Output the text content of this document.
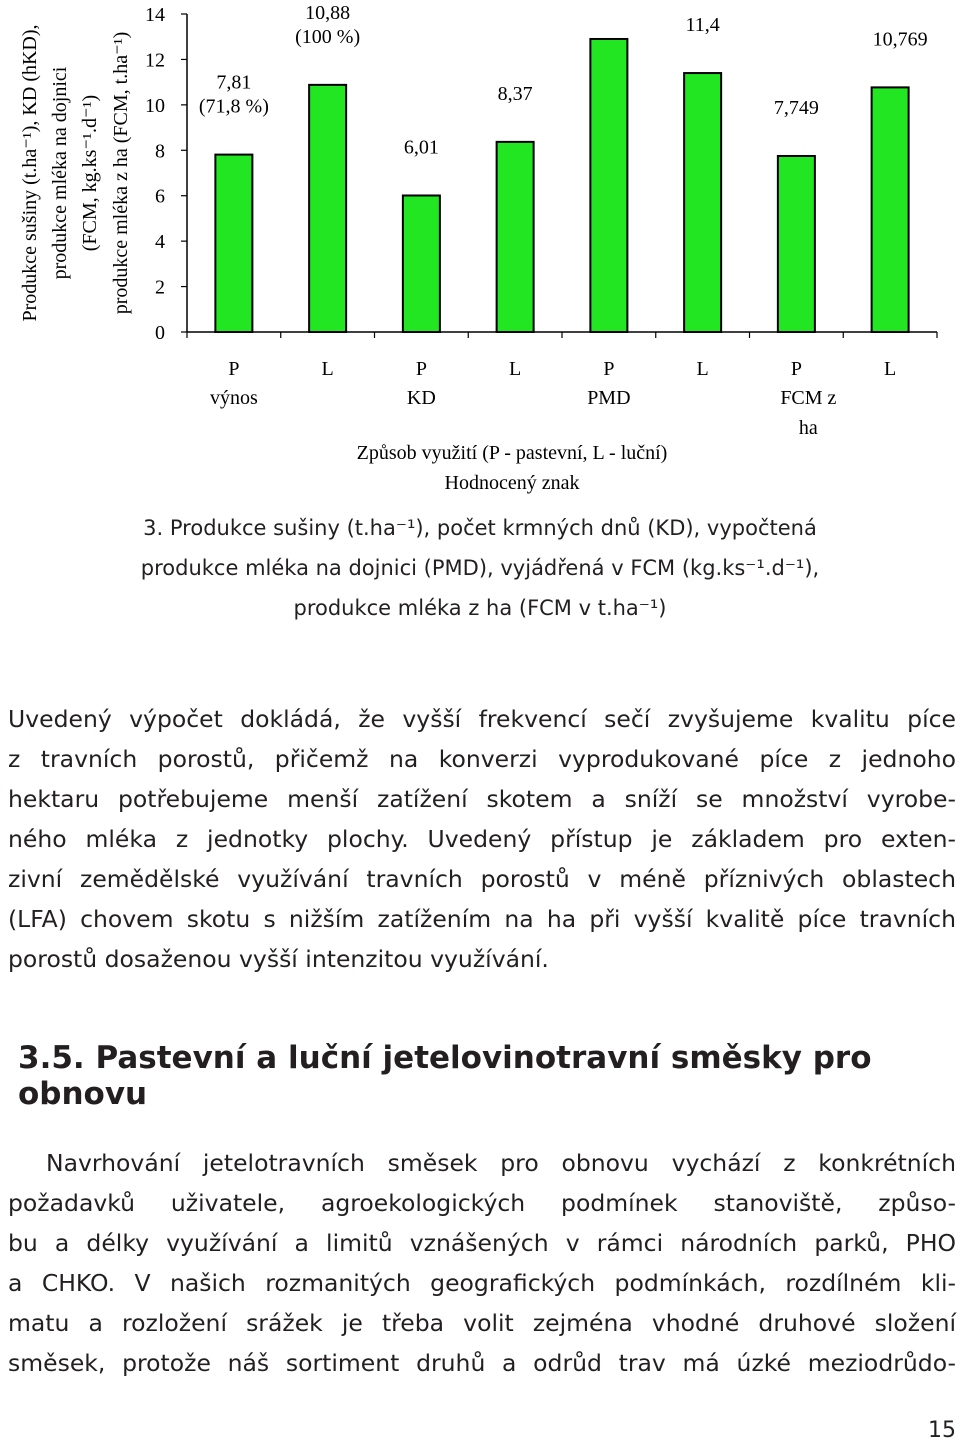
0
2
4
6
8
10
12
14
Produkce sušiny (t.ha⁻¹), KD (hKD), produkce mléka na dojnici (FCM, kg.ks⁻¹.d⁻¹) produkce mléka z ha (FCM, t.ha⁻¹)	7,81
(71,8 %)
10,88
(100 %)
6,01
8,37
11,4
7,749
10,769
P	L	P	L	P	L	P	L
výnos	KD	PMD	FCM z
ha
Způsob využití (P - pastevní, L - luční)
Hodnocený znak
3. Produkce sušiny (t.ha⁻¹), počet krmných dnů (KD), vypočtená
produkce mléka na dojnici (PMD), vyjádřená v FCM (kg.ks⁻¹.d⁻¹),
produkce mléka z ha (FCM v t.ha⁻¹)
Uvedený výpočet dokládá, že vyšší frekvencí sečí zvyšujeme kvalitu píce
z travních porostů, přičemž na konverzi vyprodukované píce z jednoho
hektaru potřebujeme menší zatížení skotem a sníží se množství vyrobe-
ného mléka z jednotky plochy. Uvedený přístup je základem pro exten-
zivní zemědělské využívání travních porostů v méně příznivých oblastech
(LFA) chovem skotu s nižším zatížením na ha při vyšší kvalitě píce travních
porostů dosaženou vyšší intenzitou využívání.
3.5. Pastevní a luční jetelovinotravní směsky pro obnovu
Navrhování jetelotravních směsek pro obnovu vychází z konkrétních
požadavků uživatele, agroekologických podmínek stanoviště, způso-
bu a délky využívání a limitů vznášených v rámci národních parků, PHO
a CHKO. V našich rozmanitých geografických podmínkách, rozdílném kli-
matu a rozložení srážek je třeba volit zejména vhodné druhové složení
směsek, protože náš sortiment druhů a odrůd trav má úzké meziodrůdo-
15
